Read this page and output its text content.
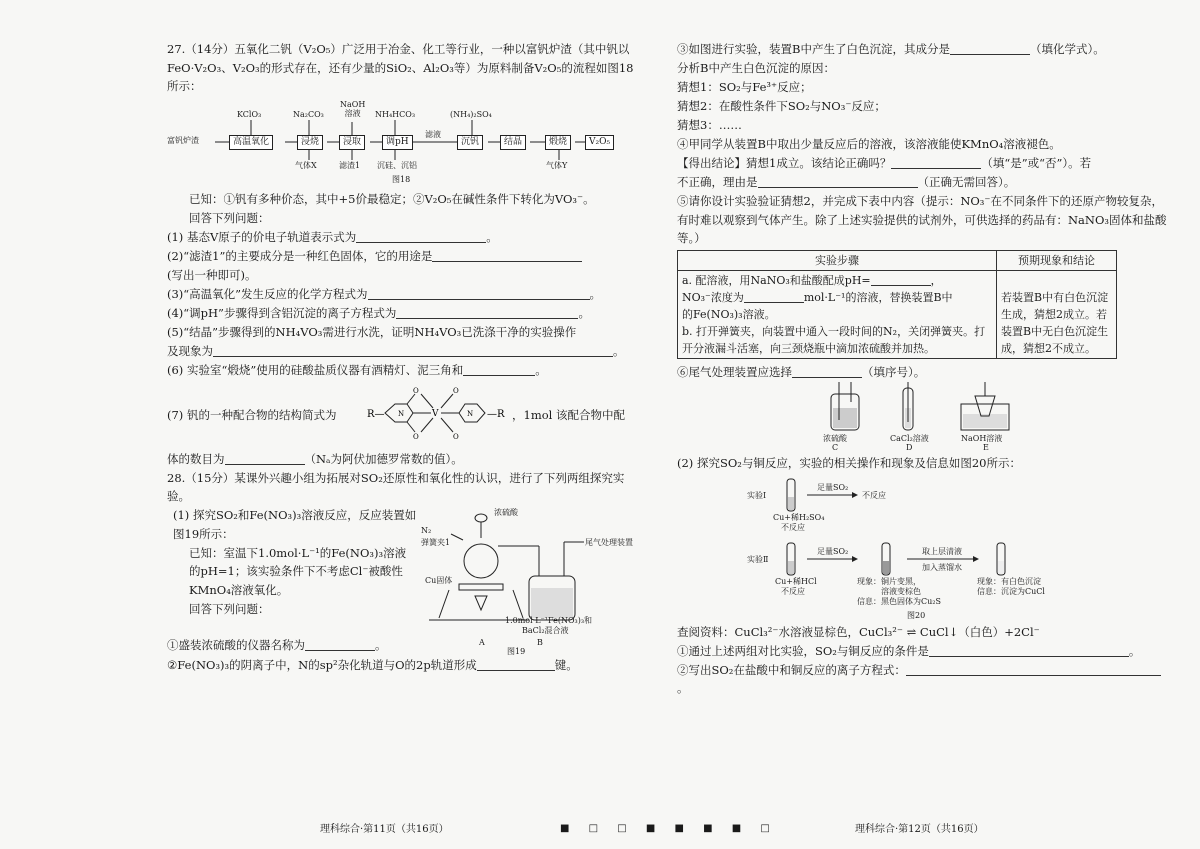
27.（14分）五氧化二钒（V₂O₅）广泛用于冶金、化工等行业，一种以富钒炉渣（其中钒以FeO·V₂O₃、V₂O₃的形式存在，还有少量的SiO₂、Al₂O₃等）为原料制备V₂O₅的流程如图18所示：

富钒炉渣	高温氧化	浸烧	浸取	调pH	沉钒	结晶	煅烧	V₂O₅
KClO₃	Na₂CO₃
NaOH
溶液	NH₄HCO₃	(NH₄)₂SO₄
滤液
气体X	滤渣1 沉硅、沉铝	气体Y
图18

已知：①钒有多种价态，其中+5价最稳定；②V₂O₅在碱性条件下转化为VO₃⁻。

回答下列问题：

(1) 基态V原子的价电子轨道表示式为	。

(2)“滤渣1”的主要成分是一种红色固体，它的用途是

(写出一种即可)。

(3)“高温氧化”发生反应的化学方程式为	。

(4)“调pH”步骤得到含铝沉淀的离子方程式为	。

(5)“结晶”步骤得到的NH₄VO₃需进行水洗，证明NH₄VO₃已洗涤干净的实验操作

及现象为	。

(6) 实验室“煅烧”使用的硅酸盐质仪器有酒精灯、泥三角和	。

(7) 钒的一种配合物的结构简式为	R— N
O
O
V
O
O
N —R ，1mol 该配合物中配

体的数目为	（Nₐ为阿伏加德罗常数的值）。

28.（15分）某课外兴趣小组为拓展对SO₂还原性和氧化性的认识，进行了下列两组探究实验。

(1) 探究SO₂和Fe(NO₃)₃溶液反应，反应装置如图19所示：

已知：室温下1.0mol·L⁻¹的Fe(NO₃)₃溶液的pH=1；该实验条件下不考虑Cl⁻被酸性KMnO₄溶液氧化。

回答下列问题：

浓硫酸
N₂
弹簧夹1
Cu固体
尾气处理装置
1.0mol·L⁻¹Fe(NO₃)₃和
BaCl₂混合液
A	B
图19

①盛装浓硫酸的仪器名称为	。

②Fe(NO₃)₃的阴离子中，N的sp²杂化轨道与O的2p轨道形成	键。

理科综合·第11页（共16页）	■ □ □ ■ ■ ■ ■ □

③如图进行实验，装置B中产生了白色沉淀，其成分是	（填化学式）。

分析B中产生白色沉淀的原因：

猜想1：SO₂与Fe³⁺反应；

猜想2：在酸性条件下SO₂与NO₃⁻反应；

猜想3：……

④甲同学从装置B中取出少量反应后的溶液，该溶液能使KMnO₄溶液褪色。

【得出结论】猜想1成立。该结论正确吗？	（填“是”或“否”）。若

不正确，理由是	（正确无需回答）。

⑤请你设计实验验证猜想2，并完成下表中内容（提示：NO₃⁻在不同条件下的还原产物较复杂，有时难以观察到气体产生。除了上述实验提供的试剂外，可供选择的药品有：NaNO₃固体和盐酸等。）

实验步骤	预期现象和结论

a. 配溶液，用NaNO₃和盐酸配成pH= ，
NO₃⁻浓度为 mol·L⁻¹的溶液，替换装置B中
的Fe(NO₃)₃溶液。
b. 打开弹簧夹，向装置中通入一段时间的N₂，关闭弹簧夹。打开分液漏斗活塞，向三颈烧瓶中滴加浓硫酸并加热。	若装置B中有白色沉淀生成，猜想2成立。若装置B中无白色沉淀生成，猜想2不成立。

⑥尾气处理装置应选择	（填序号）。

浓硫酸
C
CaCl₂溶液
D
NaOH溶液
E

(2) 探究SO₂与铜反应，实验的相关操作和现象及信息如图20所示：

实验Ⅰ
足量SO₂
不反应
Cu+稀H₂SO₄
不反应
实验Ⅱ
足量SO₂	取上层清液
加入蒸馏水
Cu+稀HCl
不反应
现象：铜片变黑，
溶液变棕色
信息：黑色固体为Cu₂S
现象：有白色沉淀
信息：沉淀为CuCl
图20

查阅资料：CuCl₃²⁻水溶液显棕色，CuCl₃²⁻ ⇌ CuCl↓（白色）+2Cl⁻

①通过上述两组对比实验，SO₂与铜反应的条件是	。

②写出SO₂在盐酸中和铜反应的离子方程式：。

理科综合·第12页（共16页）
